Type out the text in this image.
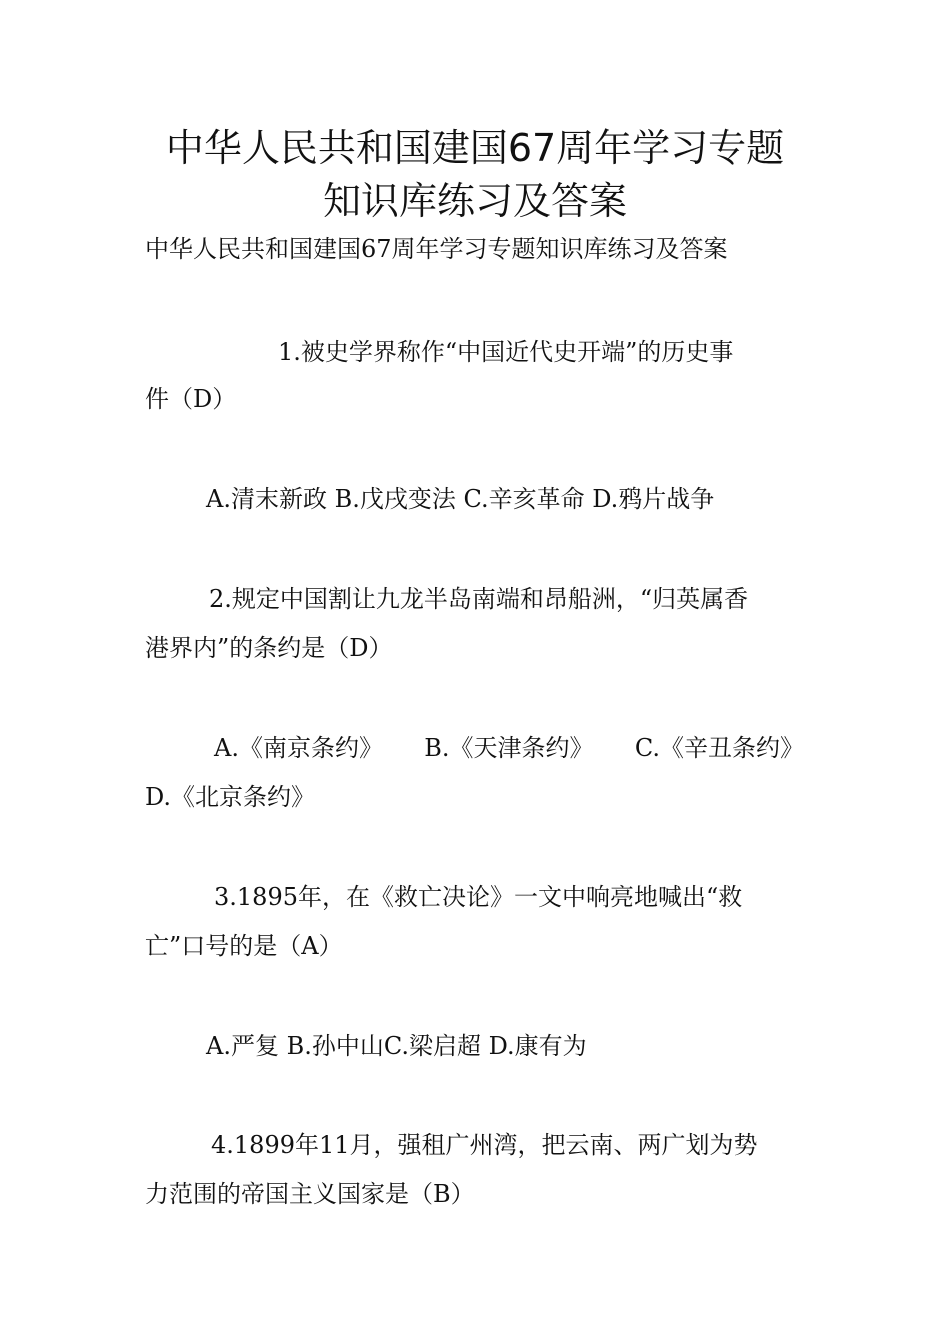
中华人民共和国建国67周年学习专题
知识库练习及答案

中华人民共和国建国67周年学习专题知识库练习及答案

1.被史学界称作“中国近代史开端”的历史事

件（D）

A.清末新政 B.戊戌变法 C.辛亥革命 D.鸦片战争

2.规定中国割让九龙半岛南端和昂船洲，“归英属香

港界内”的条约是（D）

A.《南京条约》 B.《天津条约》 C.《辛丑条约》

D.《北京条约》

3.1895年，在《救亡决论》一文中响亮地喊出“救

亡”口号的是（A）

A.严复 B.孙中山C.梁启超 D.康有为

4.1899年11月，强租广州湾，把云南、两广划为势

力范围的帝国主义国家是（B）
